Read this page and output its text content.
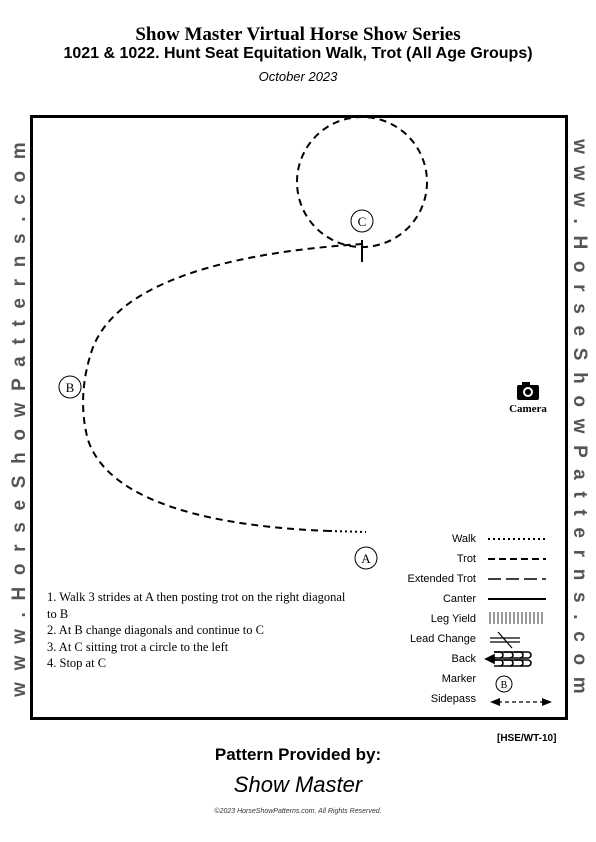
Show Master Virtual Horse Show Series
1021 & 1022. Hunt Seat Equitation Walk, Trot (All Age Groups)
October 2023
w w w . H o r s e S h o w P a t t e r n s . c o m	w w w . H o r s e S h o w P a t t e r n s . c o m
C
B
A
B
Camera
1. Walk 3 strides at A then posting trot on the right diagonal to B
2. At B change diagonals and continue to C
3. At C sitting trot a circle to the left
4. Stop at C
Walk
Trot
Extended Trot
Canter
Leg Yield
Lead Change
Back
Marker
Sidepass
[HSE/WT-10]
Pattern Provided by:
Show Master
©2023 HorseShowPatterns.com. All Rights Reserved.
